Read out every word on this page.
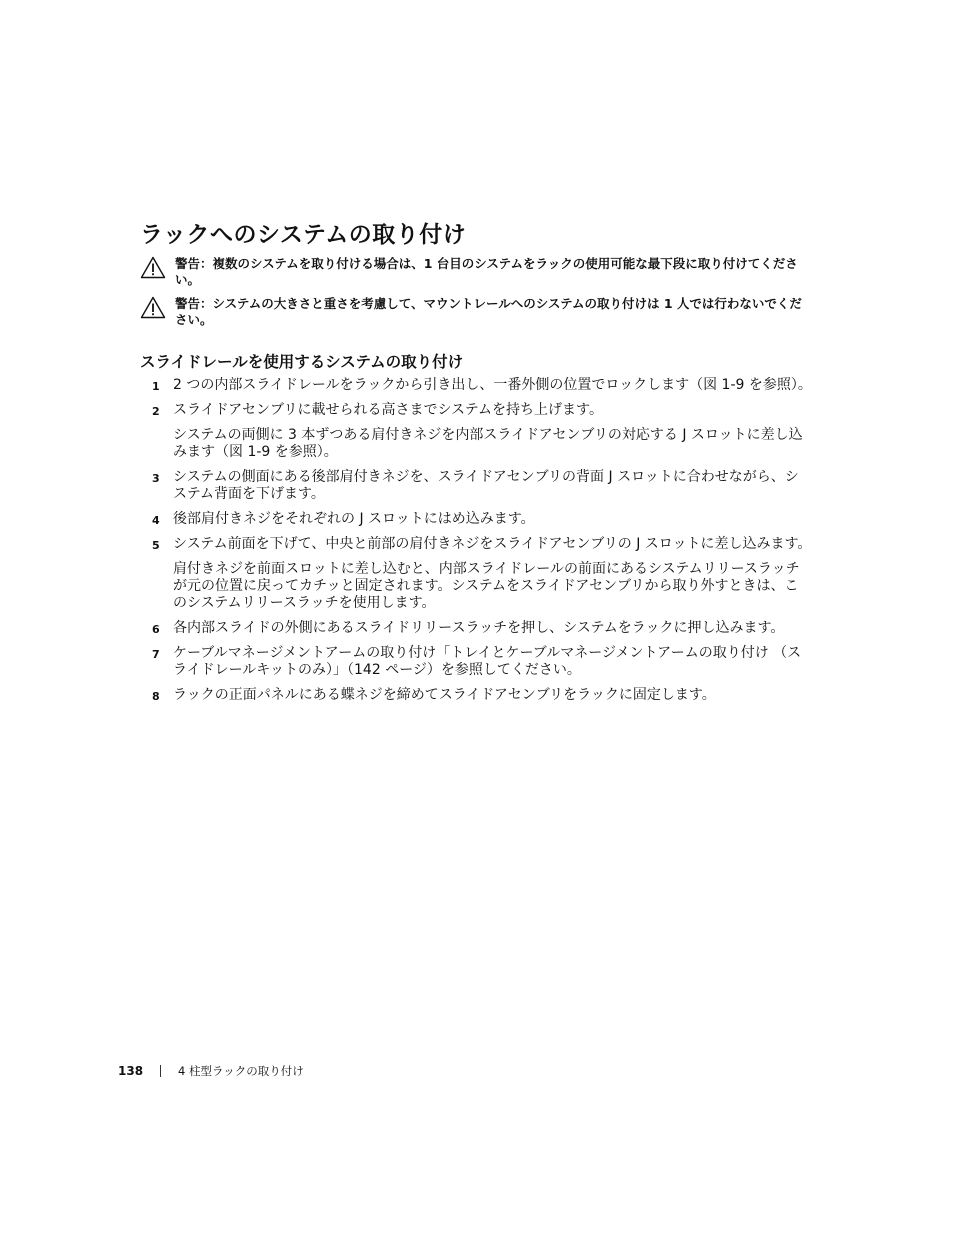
ラックへのシステムの取り付け
警告：複数のシステムを取り付ける場合は、1 台目のシステムをラックの使用可能な最下段に取り付けてください。
警告：システムの大きさと重さを考慮して、マウントレールへのシステムの取り付けは 1 人では行わないでください。
スライドレールを使用するシステムの取り付け
1 2 つの内部スライドレールをラックから引き出し、一番外側の位置でロックします（図 1-9 を参照）。
2 スライドアセンブリに載せられる高さまでシステムを持ち上げます。
システムの両側に 3 本ずつある肩付きネジを内部スライドアセンブリの対応する J スロットに差し込みます（図 1-9 を参照）。
3 システムの側面にある後部肩付きネジを、スライドアセンブリの背面 J スロットに合わせながら、システム背面を下げます。
4 後部肩付きネジをそれぞれの J スロットにはめ込みます。
5 システム前面を下げて、中央と前部の肩付きネジをスライドアセンブリの J スロットに差し込みます。
肩付きネジを前面スロットに差し込むと、内部スライドレールの前面にあるシステムリリースラッチが元の位置に戻ってカチッと固定されます。システムをスライドアセンブリから取り外すときは、このシステムリリースラッチを使用します。
6 各内部スライドの外側にあるスライドリリースラッチを押し、システムをラックに押し込みます。
7 ケーブルマネージメントアームの取り付け「トレイとケーブルマネージメントアームの取り付け （スライドレールキットのみ）」（142 ページ）を参照してください。
8 ラックの正面パネルにある蝶ネジを締めてスライドアセンブリをラックに固定します。
138	4 柱型ラックの取り付け
